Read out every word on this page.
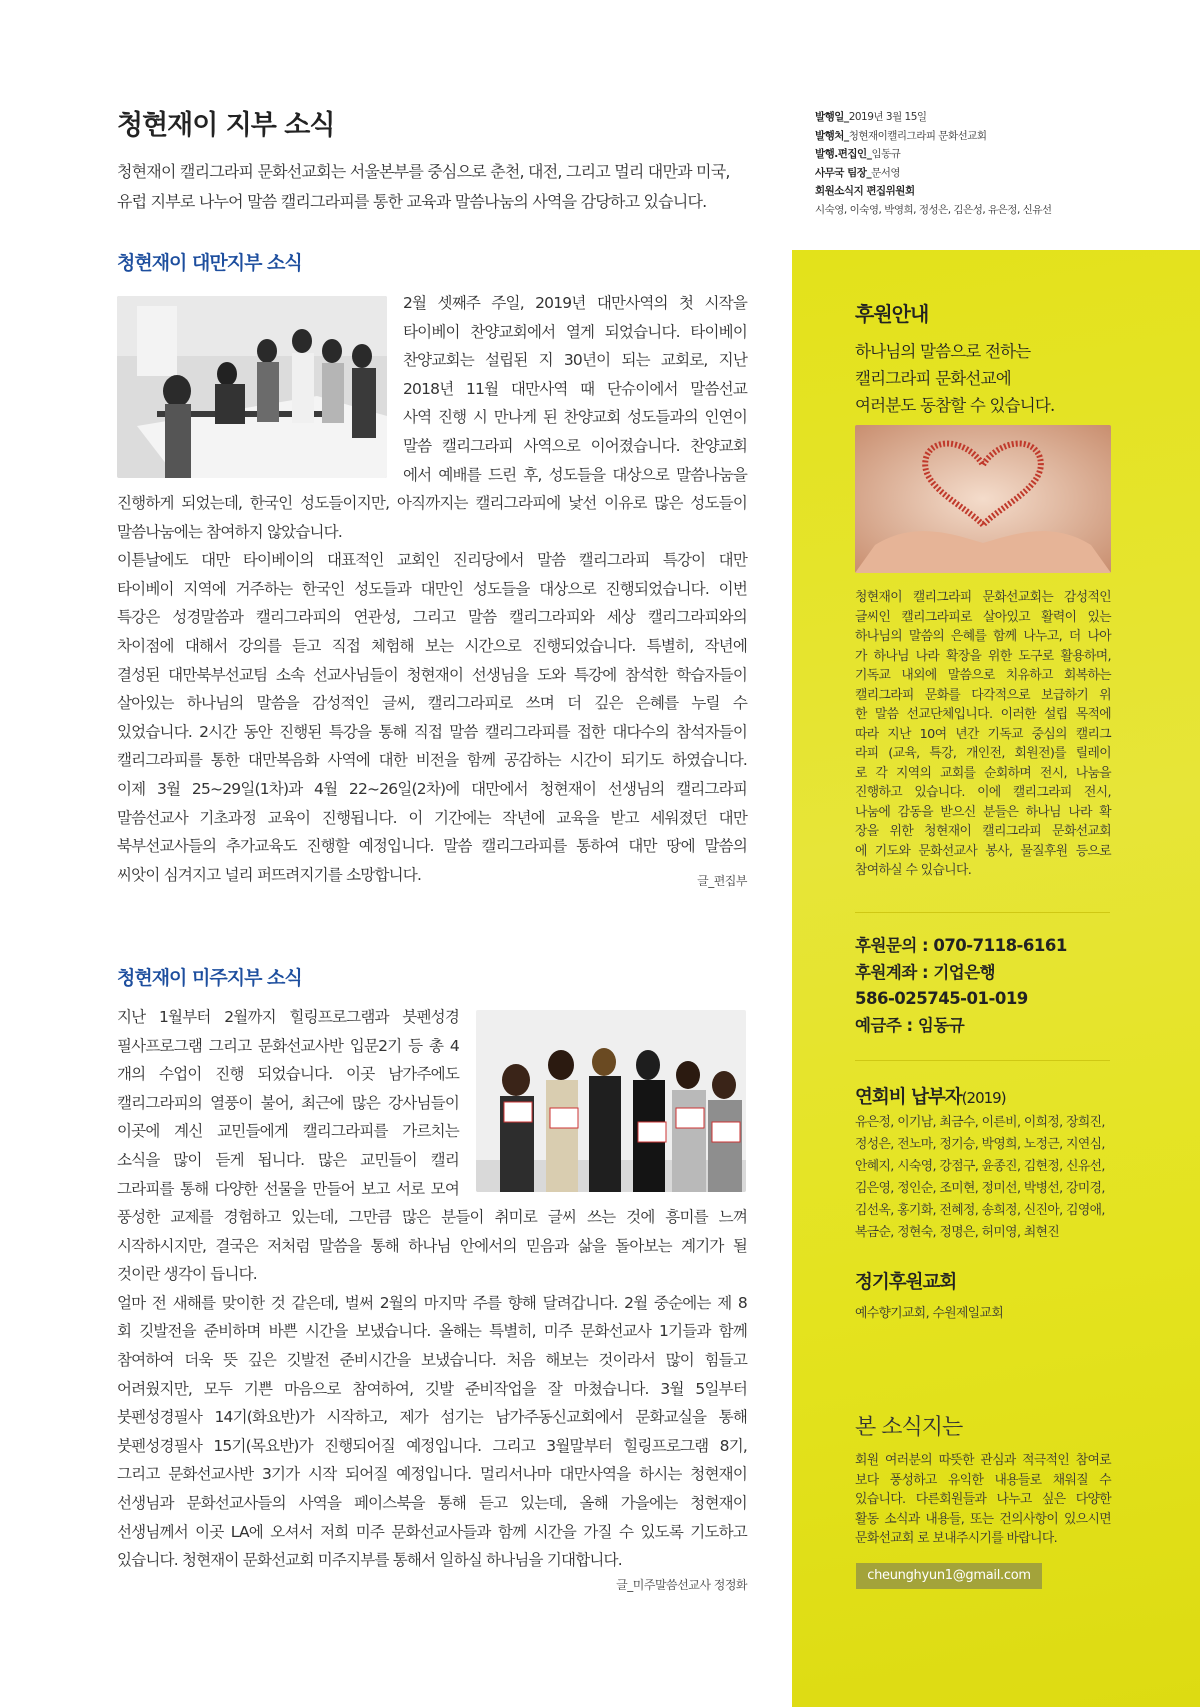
발행일_2019년 3월 15일
발행처_청현재이캘리그라피 문화선교회
발행.편집인_임동규
사무국 팀장_문서영
회원소식지 편집위원회
시숙영, 이숙영, 박영희, 정성은, 김은성, 유은정, 신유선
청현재이 지부 소식
청현재이 캘리그라피 문화선교회는 서울본부를 중심으로 춘천, 대전, 그리고 멀리 대만과 미국,
유럽 지부로 나누어 말씀 캘리그라피를 통한 교육과 말씀나눔의 사역을 감당하고 있습니다.
청현재이 대만지부 소식

2월 셋째주 주일, 2019년 대만사역의 첫 시작을

타이베이 찬양교회에서 열게 되었습니다. 타이베이

찬양교회는 설립된 지 30년이 되는 교회로, 지난

2018년 11월 대만사역 때 단슈이에서 말씀선교

사역 진행 시 만나게 된 찬양교회 성도들과의 인연이

말씀 캘리그라피 사역으로 이어졌습니다. 찬양교회

에서 예배를 드린 후, 성도들을 대상으로 말씀나눔을

진행하게 되었는데, 한국인 성도들이지만, 아직까지는 캘리그라피에 낯선 이유로 많은 성도들이

말씀나눔에는 참여하지 않았습니다.

이튿날에도 대만 타이베이의 대표적인 교회인 진리당에서 말씀 캘리그라피 특강이 대만

타이베이 지역에 거주하는 한국인 성도들과 대만인 성도들을 대상으로 진행되었습니다. 이번

특강은 성경말씀과 캘리그라피의 연관성, 그리고 말씀 캘리그라피와 세상 캘리그라피와의

차이점에 대해서 강의를 듣고 직접 체험해 보는 시간으로 진행되었습니다. 특별히, 작년에

결성된 대만북부선교팀 소속 선교사님들이 청현재이 선생님을 도와 특강에 참석한 학습자들이

살아있는 하나님의 말씀을 감성적인 글씨, 캘리그라피로 쓰며 더 깊은 은혜를 누릴 수

있었습니다. 2시간 동안 진행된 특강을 통해 직접 말씀 캘리그라피를 접한 대다수의 참석자들이

캘리그라피를 통한 대만복음화 사역에 대한 비전을 함께 공감하는 시간이 되기도 하였습니다.

이제 3월 25~29일(1차)과 4월 22~26일(2차)에 대만에서 청현재이 선생님의 캘리그라피

말씀선교사 기초과정 교육이 진행됩니다. 이 기간에는 작년에 교육을 받고 세워졌던 대만

북부선교사들의 추가교육도 진행할 예정입니다. 말씀 캘리그라피를 통하여 대만 땅에 말씀의

씨앗이 심겨지고 널리 퍼뜨려지기를 소망합니다.	글_편집부
청현재이 미주지부 소식

지난 1월부터 2월까지 힐링프로그램과 붓펜성경

필사프로그램 그리고 문화선교사반 입문2기 등 총 4

개의 수업이 진행 되었습니다. 이곳 남가주에도

캘리그라피의 열풍이 불어, 최근에 많은 강사님들이

이곳에 계신 교민들에게 캘리그라피를 가르치는

소식을 많이 듣게 됩니다. 많은 교민들이 캘리

그라피를 통해 다양한 선물을 만들어 보고 서로 모여

풍성한 교제를 경험하고 있는데, 그만큼 많은 분들이 취미로 글씨 쓰는 것에 흥미를 느껴

시작하시지만, 결국은 저처럼 말씀을 통해 하나님 안에서의 믿음과 삶을 돌아보는 계기가 될

것이란 생각이 듭니다.

얼마 전 새해를 맞이한 것 같은데, 벌써 2월의 마지막 주를 향해 달려갑니다. 2월 중순에는 제 8

회 깃발전을 준비하며 바쁜 시간을 보냈습니다. 올해는 특별히, 미주 문화선교사 1기들과 함께

참여하여 더욱 뜻 깊은 깃발전 준비시간을 보냈습니다. 처음 해보는 것이라서 많이 힘들고

어려웠지만, 모두 기쁜 마음으로 참여하여, 깃발 준비작업을 잘 마쳤습니다. 3월 5일부터

붓펜성경필사 14기(화요반)가 시작하고, 제가 섬기는 남가주동신교회에서 문화교실을 통해

붓펜성경필사 15기(목요반)가 진행되어질 예정입니다. 그리고 3월말부터 힐링프로그램 8기,

그리고 문화선교사반 3기가 시작 되어질 예정입니다. 멀리서나마 대만사역을 하시는 청현재이

선생님과 문화선교사들의 사역을 페이스북을 통해 듣고 있는데, 올해 가을에는 청현재이

선생님께서 이곳 LA에 오셔서 저희 미주 문화선교사들과 함께 시간을 가질 수 있도록 기도하고

있습니다. 청현재이 문화선교회 미주지부를 통해서 일하실 하나님을 기대합니다.

글_미주말씀선교사 정정화
후원안내
하나님의 말씀으로 전하는
캘리그라피 문화선교에
여러분도 동참할 수 있습니다.
청현재이 캘리그라피 문화선교회는 감성적인
글씨인 캘리그라피로 살아있고 활력이 있는
하나님의 말씀의 은혜를 함께 나누고, 더 나아
가 하나님 나라 확장을 위한 도구로 활용하며,
기독교 내외에 말씀으로 치유하고 회복하는
캘리그라피 문화를 다각적으로 보급하기 위
한 말씀 선교단체입니다. 이러한 설립 목적에
따라 지난 10여 년간 기독교 중심의 캘리그
라피 (교육, 특강, 개인전, 회원전)를 릴레이
로 각 지역의 교회를 순회하며 전시, 나눔을
진행하고 있습니다. 이에 캘리그라피 전시,
나눔에 감동을 받으신 분들은 하나님 나라 확
장을 위한 청현재이 캘리그라피 문화선교회
에 기도와 문화선교사 봉사, 물질후원 등으로
참여하실 수 있습니다.
후원문의 : 070-7118-6161
후원계좌 : 기업은행
586-025745-01-019
예금주 : 임동규
연회비 납부자(2019)
유은정, 이기남, 최금수, 이른비, 이희정, 장희진,
정성은, 전노마, 정기승, 박영희, 노정근, 지연심,
안혜지, 시숙영, 강점구, 윤종진, 김현정, 신유선,
김은영, 정인순, 조미현, 정미선, 박병선, 강미경,
김선옥, 홍기화, 전혜정, 송희정, 신진아, 김영애,
복금순, 정현숙, 정명은, 허미영, 최현진
정기후원교회
예수향기교회, 수원제일교회
본 소식지는
회원 여러분의 따뜻한 관심과 적극적인 참여로
보다 풍성하고 유익한 내용들로 채워질 수
있습니다. 다른회원들과 나누고 싶은 다양한
활동 소식과 내용들, 또는 건의사항이 있으시면
문화선교회 로 보내주시기를 바랍니다.
cheunghyun1@gmail.com
